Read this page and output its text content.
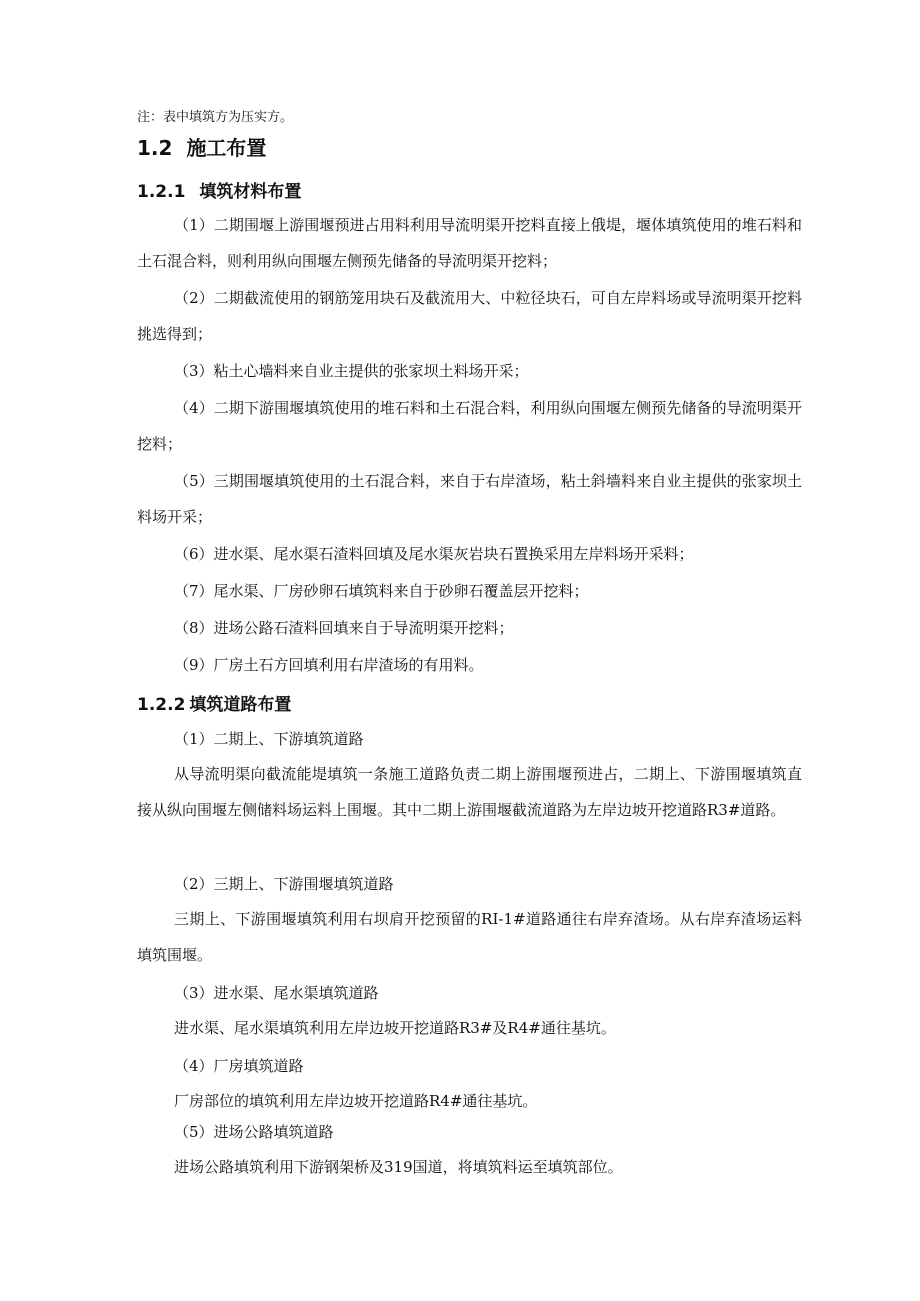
注：表中填筑方为压实方。
1.2 施工布置
1.2.1 填筑材料布置
（1）二期围堰上游围堰预进占用料利用导流明渠开挖料直接上俄堤，堰体填筑使用的堆石料和土石混合料，则利用纵向围堰左侧预先储备的导流明渠开挖料；
（2）二期截流使用的钢筋笼用块石及截流用大、中粒径块石，可自左岸料场或导流明渠开挖料挑选得到；
（3）粘土心墙料来自业主提供的张家坝土料场开采；
（4）二期下游围堰填筑使用的堆石料和土石混合料，利用纵向围堰左侧预先储备的导流明渠开挖料；
（5）三期围堰填筑使用的土石混合料，来自于右岸渣场，粘土斜墙料来自业主提供的张家坝土料场开采；
（6）进水渠、尾水渠石渣料回填及尾水渠灰岩块石置换采用左岸料场开采料；
（7）尾水渠、厂房砂卵石填筑料来自于砂卵石覆盖层开挖料；
（8）进场公路石渣料回填来自于导流明渠开挖料；
（9）厂房土石方回填利用右岸渣场的有用料。
1.2.2 填筑道路布置
（1）二期上、下游填筑道路
从导流明渠向截流能堤填筑一条施工道路负责二期上游围堰预进占，二期上、下游围堰填筑直接从纵向围堰左侧储料场运料上围堰。其中二期上游围堰截流道路为左岸边坡开挖道路R3#道路。
（2）三期上、下游围堰填筑道路
三期上、下游围堰填筑利用右坝肩开挖预留的RI-1#道路通往右岸弃渣场。从右岸弃渣场运料填筑围堰。
（3）进水渠、尾水渠填筑道路
进水渠、尾水渠填筑利用左岸边坡开挖道路R3#及R4#通往基坑。
（4）厂房填筑道路
厂房部位的填筑利用左岸边坡开挖道路R4#通往基坑。
（5）进场公路填筑道路
进场公路填筑利用下游钢架桥及319国道，将填筑料运至填筑部位。
